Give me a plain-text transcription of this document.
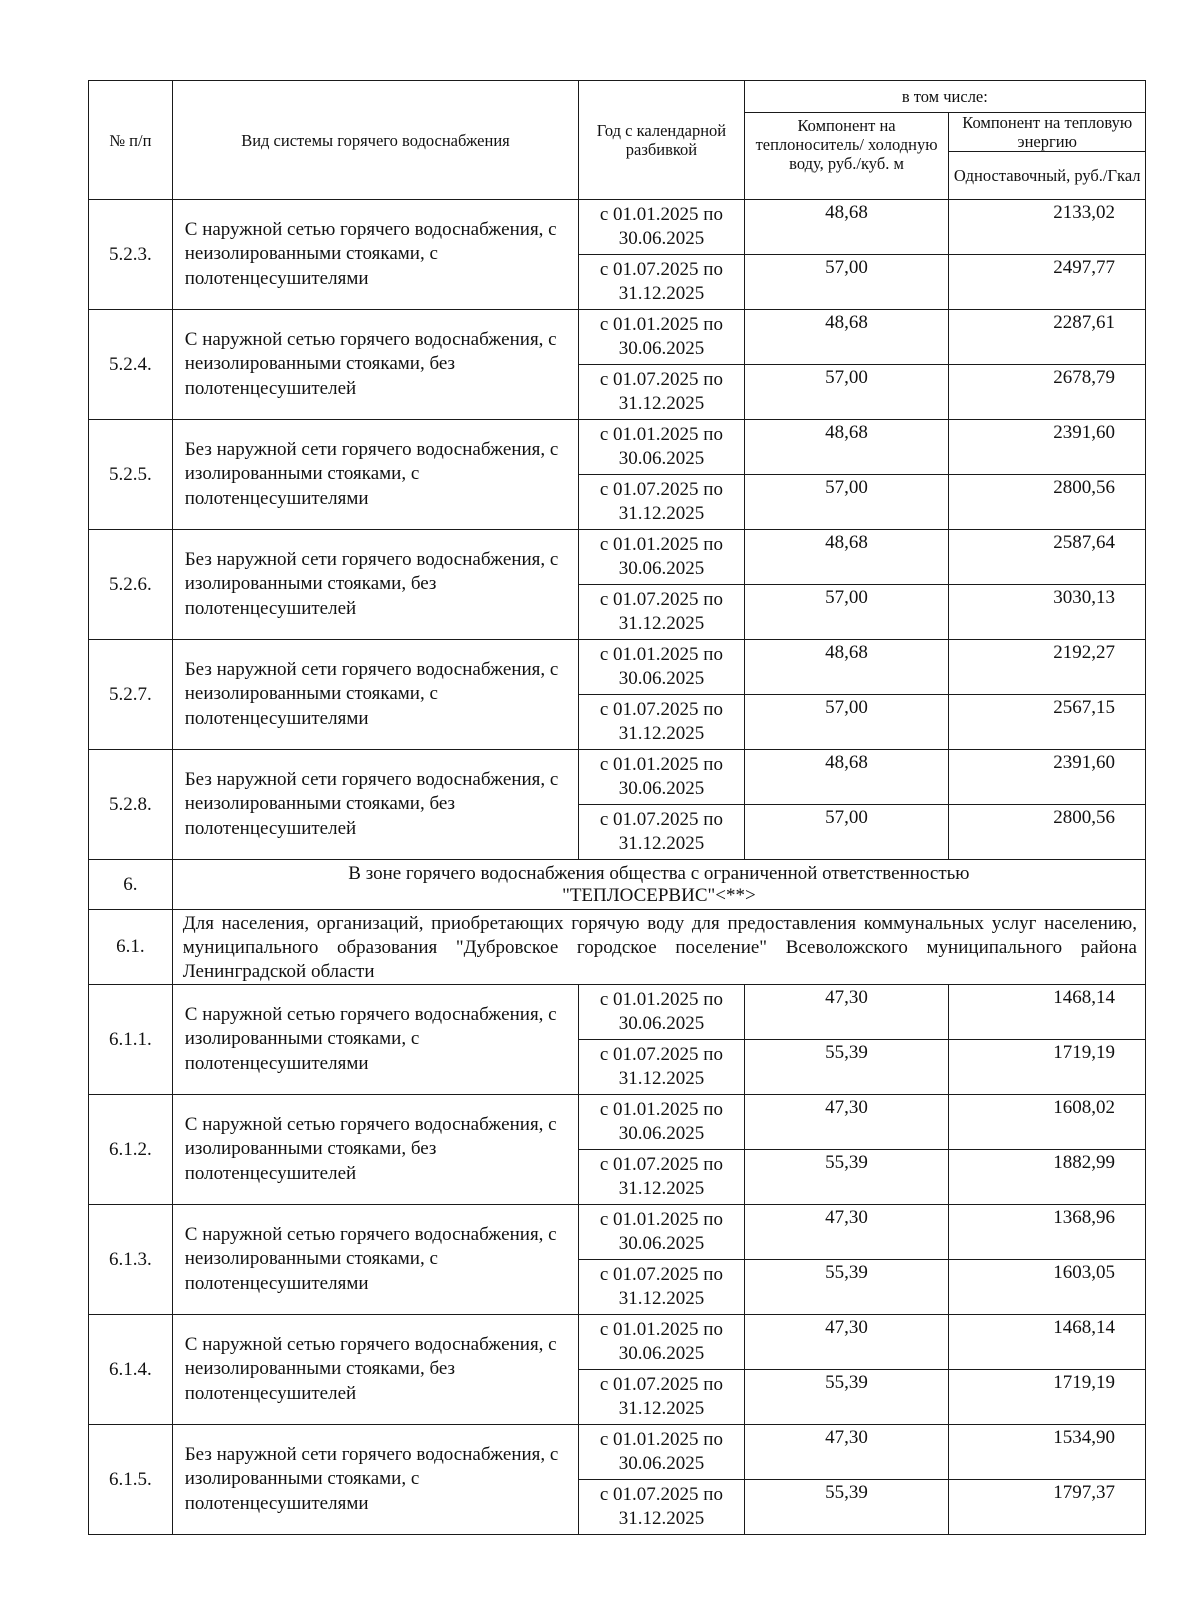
№ п/п	Вид системы горячего водоснабжения	Год с календарной разбивкой	в том числе:	
			Компонент на теплоноситель/ холодную воду, руб./куб. м	Компонент на тепловую энергию
				Одноставочный, руб./Гкал
5.2.3.	С наружной сетью горячего водоснабжения, с неизолированными стояками, с полотенцесушителями	с 01.01.2025 по 30.06.2025	48,68	2133,02
		с 01.07.2025 по 31.12.2025	57,00	2497,77
5.2.4.	С наружной сетью горячего водоснабжения, с неизолированными стояками, без полотенцесушителей	с 01.01.2025 по 30.06.2025	48,68	2287,61
		с 01.07.2025 по 31.12.2025	57,00	2678,79
5.2.5.	Без наружной сети горячего водоснабжения, с изолированными стояками, с полотенцесушителями	с 01.01.2025 по 30.06.2025	48,68	2391,60
		с 01.07.2025 по 31.12.2025	57,00	2800,56
5.2.6.	Без наружной сети горячего водоснабжения, с изолированными стояками, без полотенцесушителей	с 01.01.2025 по 30.06.2025	48,68	2587,64
		с 01.07.2025 по 31.12.2025	57,00	3030,13
5.2.7.	Без наружной сети горячего водоснабжения, с неизолированными стояками, с полотенцесушителями	с 01.01.2025 по 30.06.2025	48,68	2192,27
		с 01.07.2025 по 31.12.2025	57,00	2567,15
5.2.8.	Без наружной сети горячего водоснабжения, с неизолированными стояками, без полотенцесушителей	с 01.01.2025 по 30.06.2025	48,68	2391,60
		с 01.07.2025 по 31.12.2025	57,00	2800,56
6.	В зоне горячего водоснабжения общества с ограниченной ответственностью
"ТЕПЛОСЕРВИС"<**>			

6.1.	Для населения, организаций, приобретающих горячую воду для предоставления коммунальных услуг населению, муниципального образования "Дубровское городское поселение" Всеволожского муниципального района Ленинградской области			
6.1.1.	С наружной сетью горячего водоснабжения, с изолированными стояками, с полотенцесушителями	с 01.01.2025 по 30.06.2025	47,30	1468,14
		с 01.07.2025 по 31.12.2025	55,39	1719,19
6.1.2.	С наружной сетью горячего водоснабжения, с изолированными стояками, без полотенцесушителей	с 01.01.2025 по 30.06.2025	47,30	1608,02
		с 01.07.2025 по 31.12.2025	55,39	1882,99
6.1.3.	С наружной сетью горячего водоснабжения, с неизолированными стояками, с полотенцесушителями	с 01.01.2025 по 30.06.2025	47,30	1368,96
		с 01.07.2025 по 31.12.2025	55,39	1603,05
6.1.4.	С наружной сетью горячего водоснабжения, с неизолированными стояками, без полотенцесушителей	с 01.01.2025 по 30.06.2025	47,30	1468,14
		с 01.07.2025 по 31.12.2025	55,39	1719,19
6.1.5.	Без наружной сети горячего водоснабжения, с изолированными стояками, с полотенцесушителями	с 01.01.2025 по 30.06.2025	47,30	1534,90
		с 01.07.2025 по 31.12.2025	55,39	1797,37
